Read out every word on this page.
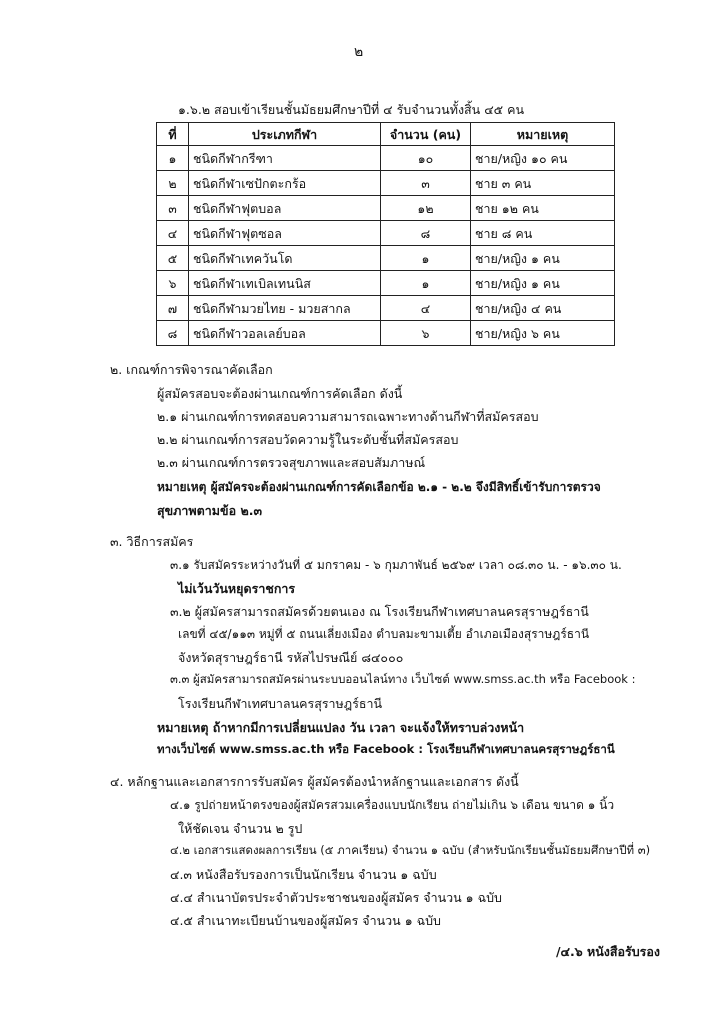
๒
๑.๖.๒ สอบเข้าเรียนชั้นมัธยมศึกษาปีที่ ๔ รับจำนวนทั้งสิ้น ๔๕ คน
ที่	ประเภทกีฬา	จำนวน (คน)	หมายเหตุ
๑	ชนิดกีฬากรีฑา	๑๐	ชาย/หญิง ๑๐ คน
๒	ชนิดกีฬาเซปักตะกร้อ	๓	ชาย ๓ คน
๓	ชนิดกีฬาฟุตบอล	๑๒	ชาย ๑๒ คน
๔	ชนิดกีฬาฟุตซอล	๘	ชาย ๘ คน
๕	ชนิดกีฬาเทควันโด	๑	ชาย/หญิง ๑ คน
๖	ชนิดกีฬาเทเบิลเทนนิส	๑	ชาย/หญิง ๑ คน
๗	ชนิดกีฬามวยไทย - มวยสากล	๔	ชาย/หญิง ๔ คน
๘	ชนิดกีฬาวอลเลย์บอล	๖	ชาย/หญิง ๖ คน
๒. เกณฑ์การพิจารณาคัดเลือก
ผู้สมัครสอบจะต้องผ่านเกณฑ์การคัดเลือก ดังนี้
๒.๑ ผ่านเกณฑ์การทดสอบความสามารถเฉพาะทางด้านกีฬาที่สมัครสอบ
๒.๒ ผ่านเกณฑ์การสอบวัดความรู้ในระดับชั้นที่สมัครสอบ
๒.๓ ผ่านเกณฑ์การตรวจสุขภาพและสอบสัมภาษณ์
หมายเหตุ ผู้สมัครจะต้องผ่านเกณฑ์การคัดเลือกข้อ ๒.๑ - ๒.๒ จึงมีสิทธิ์เข้ารับการตรวจ
สุขภาพตามข้อ ๒.๓
๓. วิธีการสมัคร
๓.๑ รับสมัครระหว่างวันที่ ๕ มกราคม - ๖ กุมภาพันธ์ ๒๕๖๙ เวลา ๐๘.๓๐ น. - ๑๖.๓๐ น.
ไม่เว้นวันหยุดราชการ
๓.๒ ผู้สมัครสามารถสมัครด้วยตนเอง ณ โรงเรียนกีฬาเทศบาลนครสุราษฎร์ธานี
เลขที่ ๔๕/๑๑๓ หมู่ที่ ๕ ถนนเลี่ยงเมือง ตำบลมะขามเตี้ย อำเภอเมืองสุราษฎร์ธานี
จังหวัดสุราษฎร์ธานี รหัสไปรษณีย์ ๘๔๐๐๐
๓.๓ ผู้สมัครสามารถสมัครผ่านระบบออนไลน์ทาง เว็บไซต์ www.smss.ac.th หรือ Facebook :
โรงเรียนกีฬาเทศบาลนครสุราษฎร์ธานี
หมายเหตุ ถ้าหากมีการเปลี่ยนแปลง วัน เวลา จะแจ้งให้ทราบล่วงหน้า
ทางเว็บไซต์ www.smss.ac.th หรือ Facebook : โรงเรียนกีฬาเทศบาลนครสุราษฎร์ธานี
๔. หลักฐานและเอกสารการรับสมัคร ผู้สมัครต้องนำหลักฐานและเอกสาร ดังนี้
๔.๑ รูปถ่ายหน้าตรงของผู้สมัครสวมเครื่องแบบนักเรียน ถ่ายไม่เกิน ๖ เดือน ขนาด ๑ นิ้ว
ให้ชัดเจน จำนวน ๒ รูป
๔.๒ เอกสารแสดงผลการเรียน (๕ ภาคเรียน) จำนวน ๑ ฉบับ (สำหรับนักเรียนชั้นมัธยมศึกษาปีที่ ๓)
๔.๓ หนังสือรับรองการเป็นนักเรียน จำนวน ๑ ฉบับ
๔.๔ สำเนาบัตรประจำตัวประชาชนของผู้สมัคร จำนวน ๑ ฉบับ
๔.๕ สำเนาทะเบียนบ้านของผู้สมัคร จำนวน ๑ ฉบับ
/๔.๖ หนังสือรับรอง
